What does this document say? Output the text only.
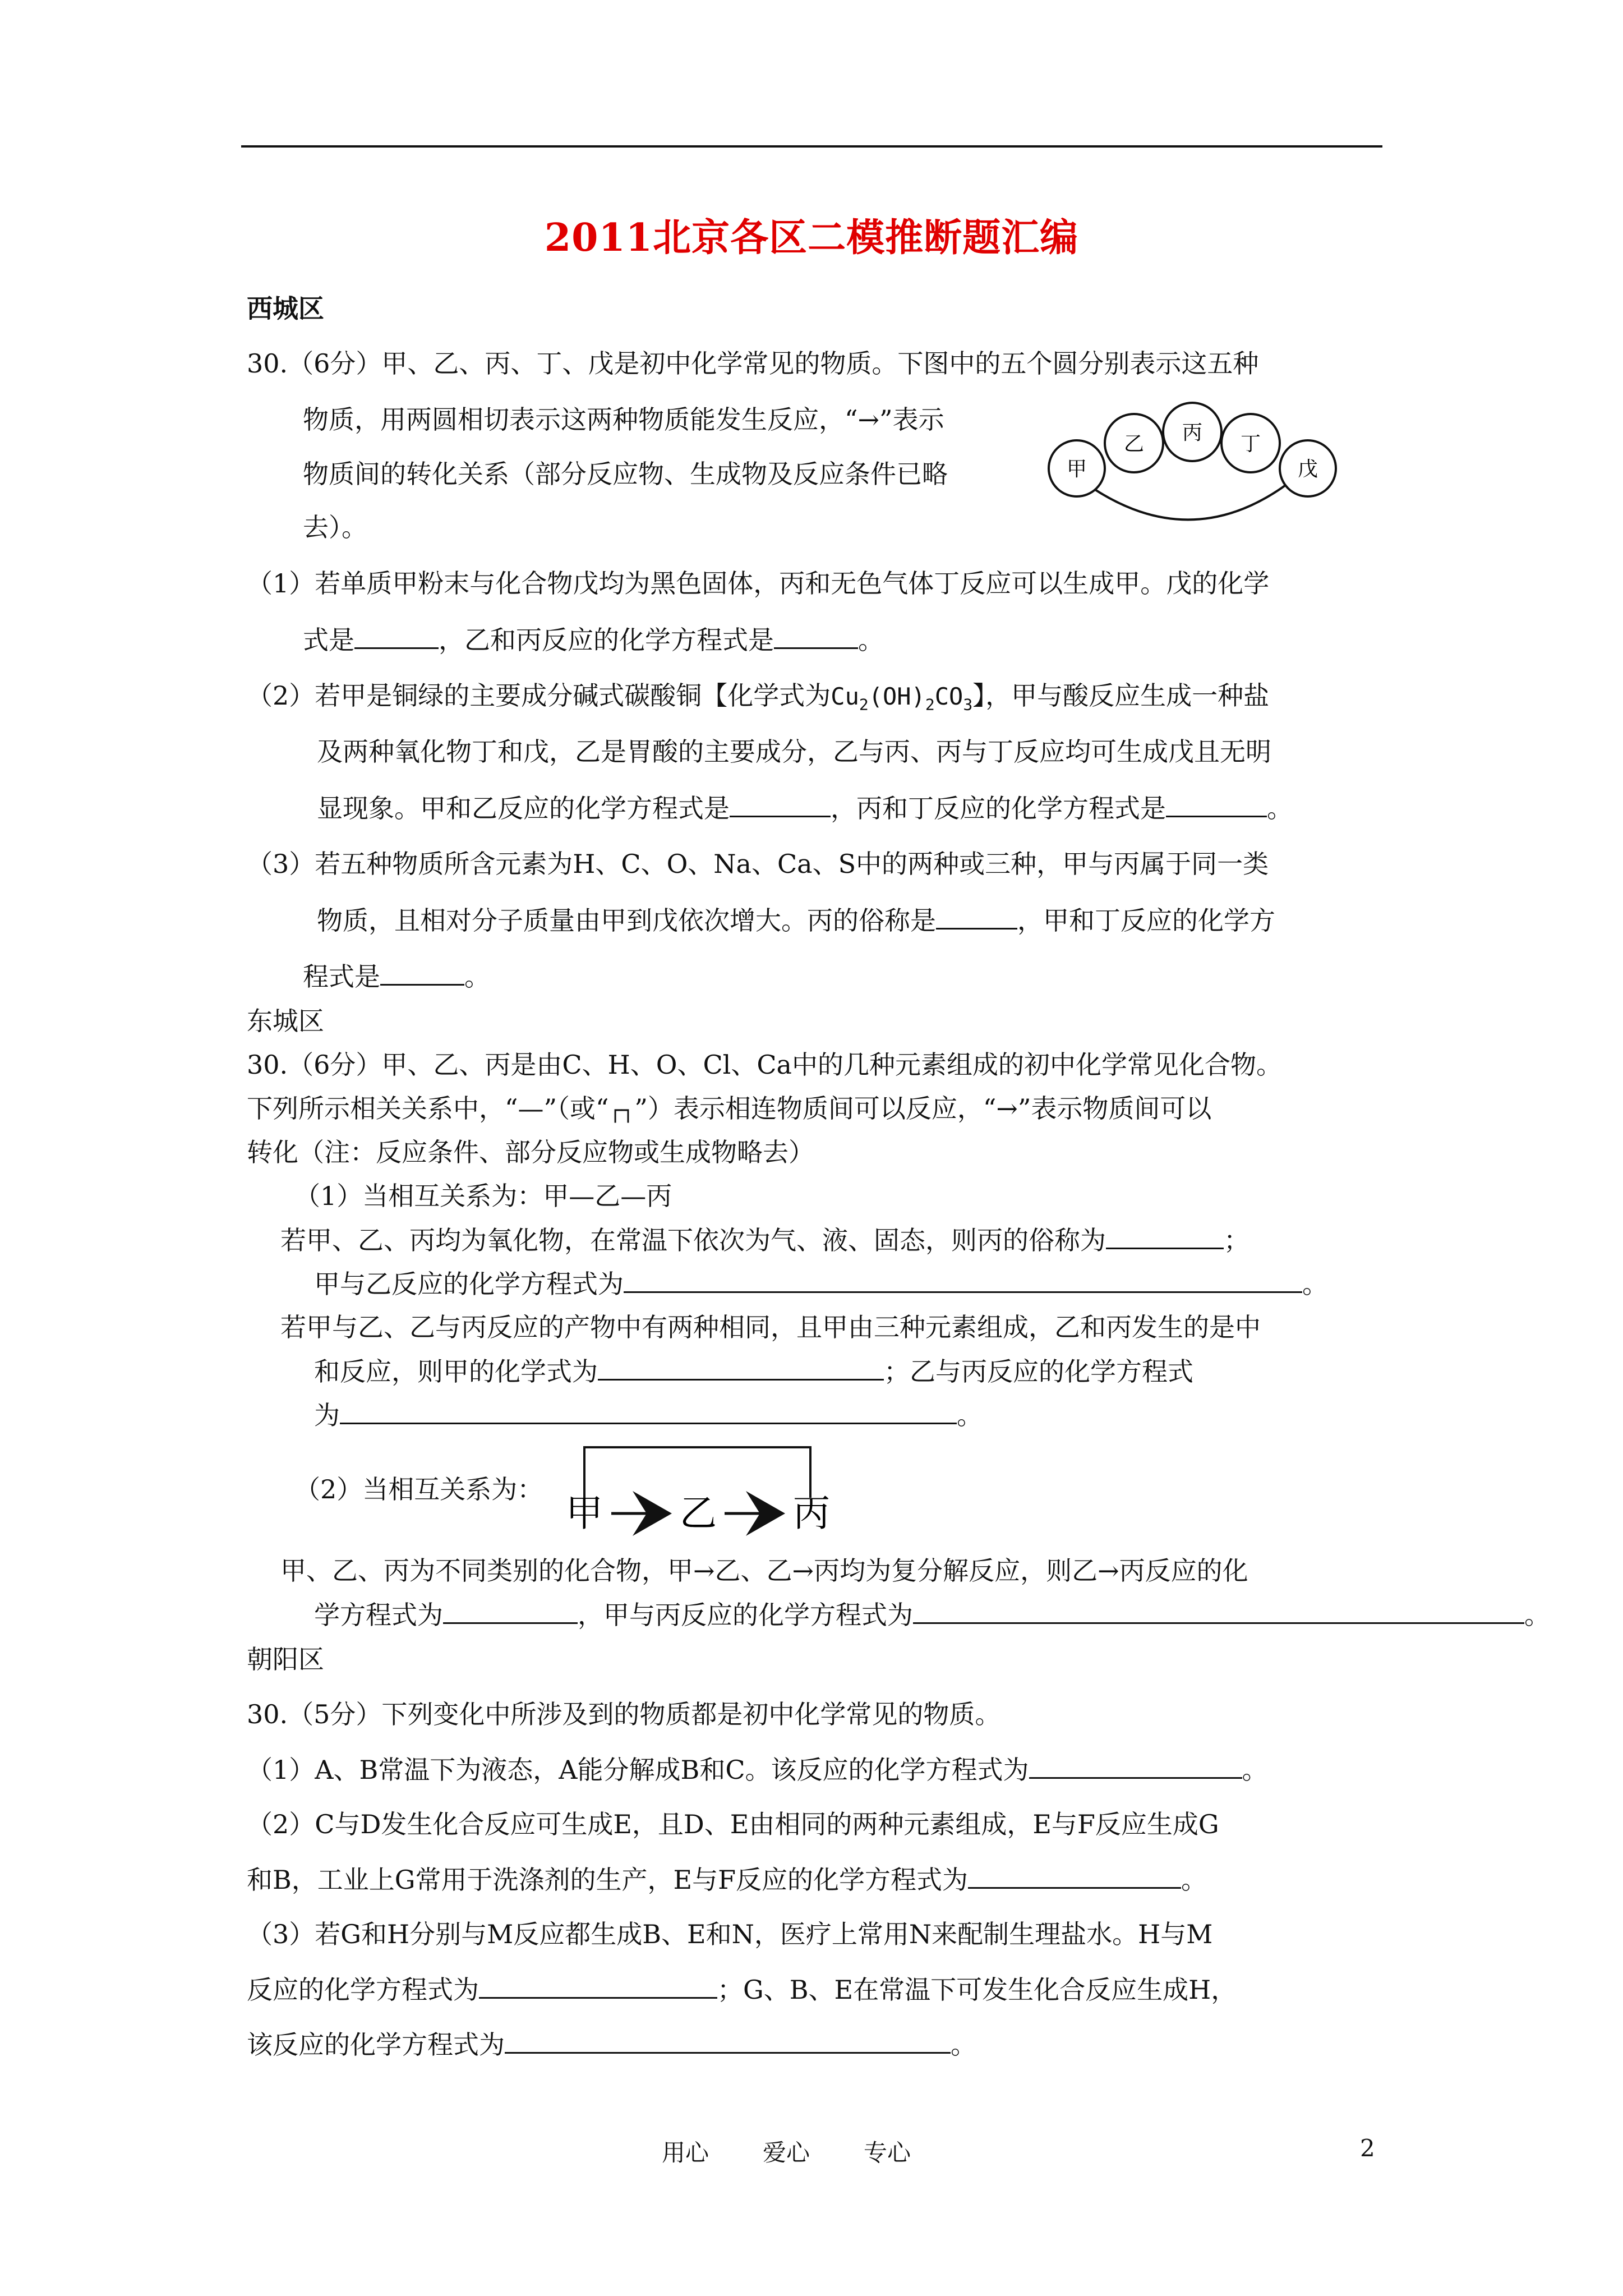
2011北京各区二模推断题汇编
西城区
30.（6分）甲、乙、丙、丁、戊是初中化学常见的物质。下图中的五个圆分别表示这五种
物质，用两圆相切表示这两种物质能发生反应，“→”表示
物质间的转化关系（部分反应物、生成物及反应条件已略
去）。
甲
乙 丙 丁
戊
（1）若单质甲粉末与化合物戊均为黑色固体，丙和无色气体丁反应可以生成甲。戊的化学
式是	，乙和丙反应的化学方程式是	。
（2）若甲是铜绿的主要成分碱式碳酸铜【化学式为$Cu_2(OH)_2CO_3$】，甲与酸反应生成一种盐
及两种氧化物丁和戊，乙是胃酸的主要成分，乙与丙、丙与丁反应均可生成戊且无明
显现象。甲和乙反应的化学方程式是	，丙和丁反应的化学方程式是	。
（3）若五种物质所含元素为H、C、O、Na、Ca、S中的两种或三种，甲与丙属于同一类
物质，且相对分子质量由甲到戊依次增大。丙的俗称是	，甲和丁反应的化学方
程式是	。
东城区
30.（6分）甲、乙、丙是由C、H、O、Cl、Ca中的几种元素组成的初中化学常见化合物。
下列所示相关关系中，“—”（或“┌┐”）表示相连物质间可以反应，“→”表示物质间可以
转化（注：反应条件、部分反应物或生成物略去）
（1）当相互关系为：甲—乙—丙
若甲、乙、丙均为氧化物，在常温下依次为气、液、固态，则丙的俗称为	；
甲与乙反应的化学方程式为	。
若甲与乙、乙与丙反应的产物中有两种相同，且甲由三种元素组成，乙和丙发生的是中
和反应，则甲的化学式为	；乙与丙反应的化学方程式
为	。
（2）当相互关系为：
甲 乙 丙
甲、乙、丙为不同类别的化合物，甲→乙、乙→丙均为复分解反应，则乙→丙反应的化
学方程式为	，甲与丙反应的化学方程式为	。
朝阳区
30.（5分）下列变化中所涉及到的物质都是初中化学常见的物质。
（1）A、B常温下为液态，A能分解成B和C。该反应的化学方程式为	。
（2）C与D发生化合反应可生成E，且D、E由相同的两种元素组成，E与F反应生成G
和B，工业上G常用于洗涤剂的生产，E与F反应的化学方程式为	。
（3）若G和H分别与M反应都生成B、E和N，医疗上常用N来配制生理盐水。H与M
反应的化学方程式为	；G、B、E在常温下可发生化合反应生成H，
该反应的化学方程式为	。
用心 爱心 专心	2
